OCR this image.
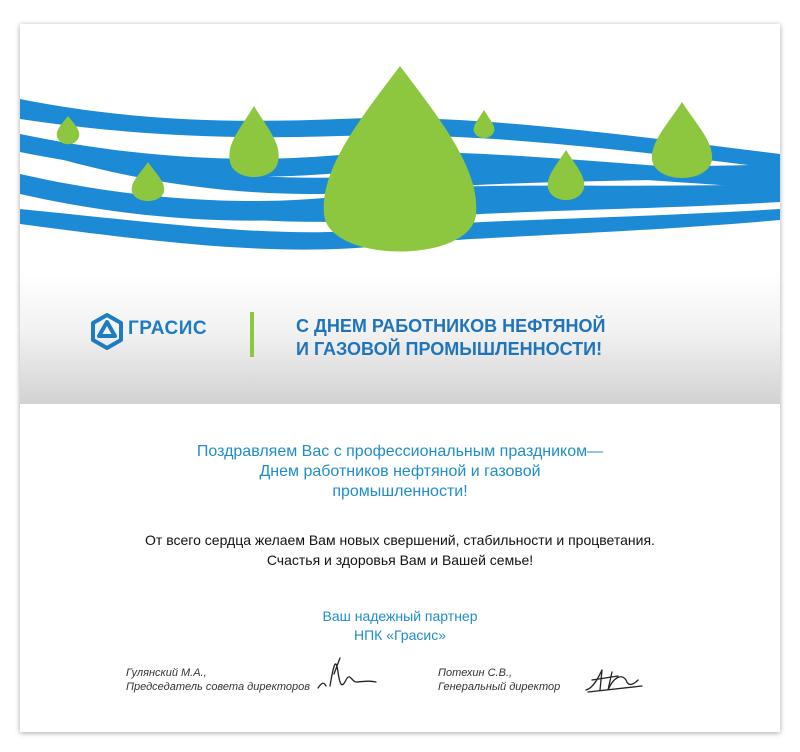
ГРАСИС	С ДНЕМ РАБОТНИКОВ НЕФТЯНОЙ
И ГАЗОВОЙ ПРОМЫШЛЕННОСТИ!
Поздравляем Вас с профессиональным праздником—
Днем работников нефтяной и газовой
промышленности!
От всего сердца желаем Вам новых свершений, стабильности и процветания.
Счастья и здоровья Вам и Вашей семье!
Ваш надежный партнер
НПК «Грасис»
Гулянский М.А.,
Председатель совета директоров
Потехин С.В.,
Генеральный директор
